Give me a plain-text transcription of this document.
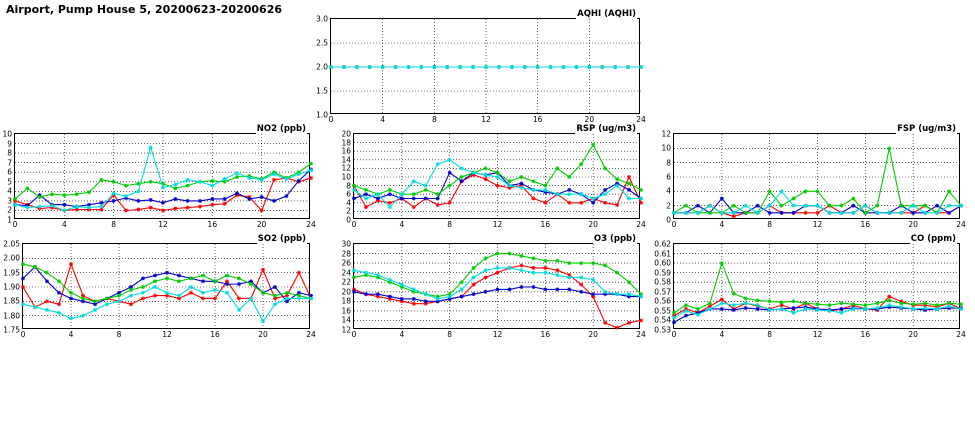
Airport, Pump House 5, 20200623-20200626	AQHI (AQHI)
1.0
1.5
2.0
2.5
3.0
0	4	8	12	16	20	24
NO2 (ppb)
1
2
3
4
5
6
7
8
9
10
0	4	8	12	16	20	24
RSP (ug/m3)
0
2
4
6
8
10
12
14
16
18
20
0	4	8	12	16	20	24
FSP (ug/m3)
0
2
4
6
8
10
12
0	4	8	12	16	20	24
SO2 (ppb)
1.75
1.80
1.85
1.90
1.95
2.00
2.05
0	4	8	12	16	20	24
O3 (ppb)
12
14
16
18
20
22
24
26
28
30
0	4	8	12	16	20	24
CO (ppm)
0.53
0.54
0.55
0.56
0.57
0.58
0.59
0.60
0.61
0.62
0	4	8	12	16	20	24
